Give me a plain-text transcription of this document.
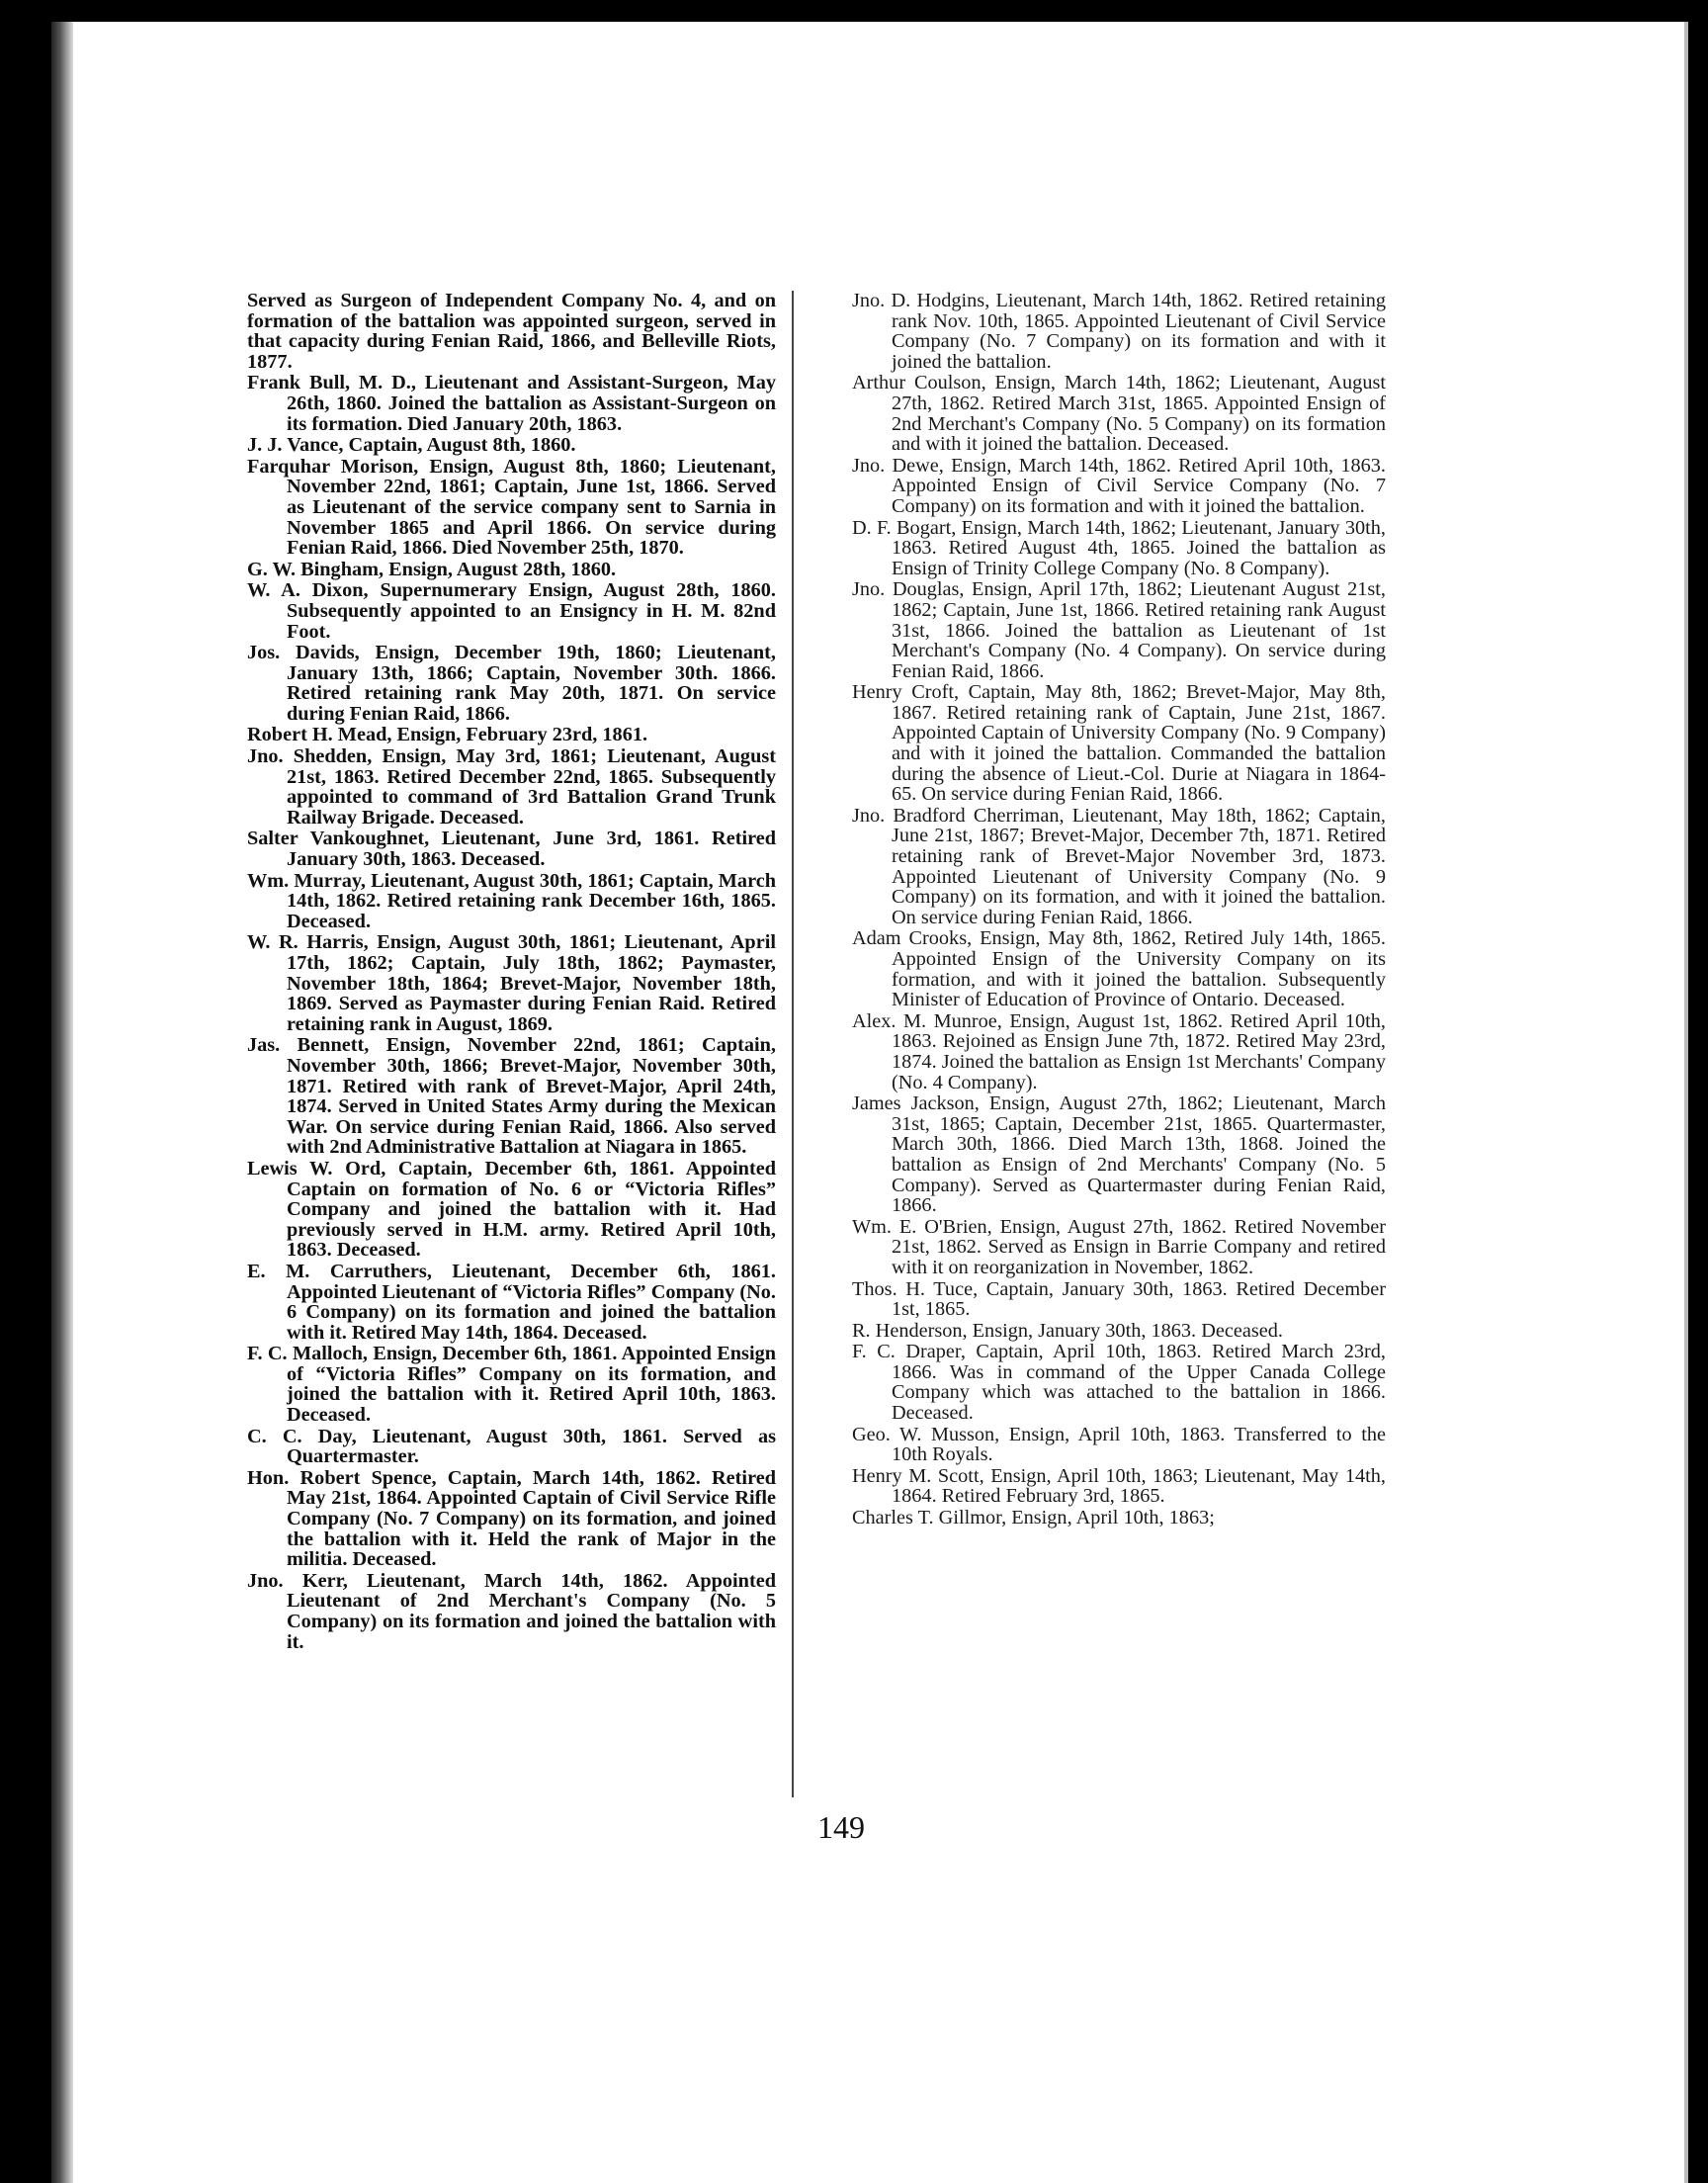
Served as Surgeon of Independent Company No. 4, and on formation of the battalion was appointed surgeon, served in that capacity during Fenian Raid, 1866, and Belleville Riots, 1877.

Frank Bull, M. D., Lieutenant and Assistant-Surgeon, May 26th, 1860. Joined the battalion as Assistant-Surgeon on its formation. Died January 20th, 1863.

J. J. Vance, Captain, August 8th, 1860.

Farquhar Morison, Ensign, August 8th, 1860; Lieutenant, November 22nd, 1861; Captain, June 1st, 1866. Served as Lieutenant of the service company sent to Sarnia in November 1865 and April 1866. On service during Fenian Raid, 1866. Died November 25th, 1870.

G. W. Bingham, Ensign, August 28th, 1860.

W. A. Dixon, Supernumerary Ensign, August 28th, 1860. Subsequently appointed to an Ensigncy in H. M. 82nd Foot.

Jos. Davids, Ensign, December 19th, 1860; Lieutenant, January 13th, 1866; Captain, November 30th. 1866. Retired retaining rank May 20th, 1871. On service during Fenian Raid, 1866.

Robert H. Mead, Ensign, February 23rd, 1861.

Jno. Shedden, Ensign, May 3rd, 1861; Lieutenant, August 21st, 1863. Retired December 22nd, 1865. Subsequently appointed to command of 3rd Battalion Grand Trunk Railway Brigade. Deceased.

Salter Vankoughnet, Lieutenant, June 3rd, 1861. Retired January 30th, 1863. Deceased.

Wm. Murray, Lieutenant, August 30th, 1861; Captain, March 14th, 1862. Retired retaining rank December 16th, 1865. Deceased.

W. R. Harris, Ensign, August 30th, 1861; Lieutenant, April 17th, 1862; Captain, July 18th, 1862; Paymaster, November 18th, 1864; Brevet-Major, November 18th, 1869. Served as Paymaster during Fenian Raid. Retired retaining rank in August, 1869.

Jas. Bennett, Ensign, November 22nd, 1861; Captain, November 30th, 1866; Brevet-Major, November 30th, 1871. Retired with rank of Brevet-Major, April 24th, 1874. Served in United States Army during the Mexican War. On service during Fenian Raid, 1866. Also served with 2nd Administrative Battalion at Niagara in 1865.

Lewis W. Ord, Captain, December 6th, 1861. Appointed Captain on formation of No. 6 or “Victoria Rifles” Company and joined the battalion with it. Had previously served in H.M. army. Retired April 10th, 1863. Deceased.

E. M. Carruthers, Lieutenant, December 6th, 1861. Appointed Lieutenant of “Victoria Rifles” Company (No. 6 Company) on its formation and joined the battalion with it. Retired May 14th, 1864. Deceased.

F. C. Malloch, Ensign, December 6th, 1861. Appointed Ensign of “Victoria Rifles” Company on its formation, and joined the battalion with it. Retired April 10th, 1863. Deceased.

C. C. Day, Lieutenant, August 30th, 1861. Served as Quartermaster.

Hon. Robert Spence, Captain, March 14th, 1862. Retired May 21st, 1864. Appointed Captain of Civil Service Rifle Company (No. 7 Company) on its formation, and joined the battalion with it. Held the rank of Major in the militia. Deceased.

Jno. Kerr, Lieutenant, March 14th, 1862. Appointed Lieutenant of 2nd Merchant's Company (No. 5 Company) on its formation and joined the battalion with it.

Jno. D. Hodgins, Lieutenant, March 14th, 1862. Retired retaining rank Nov. 10th, 1865. Appointed Lieutenant of Civil Service Company (No. 7 Company) on its formation and with it joined the battalion.

Arthur Coulson, Ensign, March 14th, 1862; Lieutenant, August 27th, 1862. Retired March 31st, 1865. Appointed Ensign of 2nd Merchant's Company (No. 5 Company) on its formation and with it joined the battalion. Deceased.

Jno. Dewe, Ensign, March 14th, 1862. Retired April 10th, 1863. Appointed Ensign of Civil Service Company (No. 7 Company) on its formation and with it joined the battalion.

D. F. Bogart, Ensign, March 14th, 1862; Lieutenant, January 30th, 1863. Retired August 4th, 1865. Joined the battalion as Ensign of Trinity College Company (No. 8 Company).

Jno. Douglas, Ensign, April 17th, 1862; Lieutenant August 21st, 1862; Captain, June 1st, 1866. Retired retaining rank August 31st, 1866. Joined the battalion as Lieutenant of 1st Merchant's Company (No. 4 Company). On service during Fenian Raid, 1866.

Henry Croft, Captain, May 8th, 1862; Brevet-Major, May 8th, 1867. Retired retaining rank of Captain, June 21st, 1867. Appointed Captain of University Company (No. 9 Company) and with it joined the battalion. Commanded the battalion during the absence of Lieut.-Col. Durie at Niagara in 1864-65. On service during Fenian Raid, 1866.

Jno. Bradford Cherriman, Lieutenant, May 18th, 1862; Captain, June 21st, 1867; Brevet-Major, December 7th, 1871. Retired retaining rank of Brevet-Major November 3rd, 1873. Appointed Lieutenant of University Company (No. 9 Company) on its formation, and with it joined the battalion. On service during Fenian Raid, 1866.

Adam Crooks, Ensign, May 8th, 1862, Retired July 14th, 1865. Appointed Ensign of the University Company on its formation, and with it joined the battalion. Subsequently Minister of Education of Province of Ontario. Deceased.

Alex. M. Munroe, Ensign, August 1st, 1862. Retired April 10th, 1863. Rejoined as Ensign June 7th, 1872. Retired May 23rd, 1874. Joined the battalion as Ensign 1st Merchants' Company (No. 4 Company).

James Jackson, Ensign, August 27th, 1862; Lieutenant, March 31st, 1865; Captain, December 21st, 1865. Quartermaster, March 30th, 1866. Died March 13th, 1868. Joined the battalion as Ensign of 2nd Merchants' Company (No. 5 Company). Served as Quartermaster during Fenian Raid, 1866.

Wm. E. O'Brien, Ensign, August 27th, 1862. Retired November 21st, 1862. Served as Ensign in Barrie Company and retired with it on reorganization in November, 1862.

Thos. H. Tuce, Captain, January 30th, 1863. Retired December 1st, 1865.

R. Henderson, Ensign, January 30th, 1863. Deceased.

F. C. Draper, Captain, April 10th, 1863. Retired March 23rd, 1866. Was in command of the Upper Canada College Company which was attached to the battalion in 1866. Deceased.

Geo. W. Musson, Ensign, April 10th, 1863. Transferred to the 10th Royals.

Henry M. Scott, Ensign, April 10th, 1863; Lieutenant, May 14th, 1864. Retired February 3rd, 1865.

Charles T. Gillmor, Ensign, April 10th, 1863;

149
